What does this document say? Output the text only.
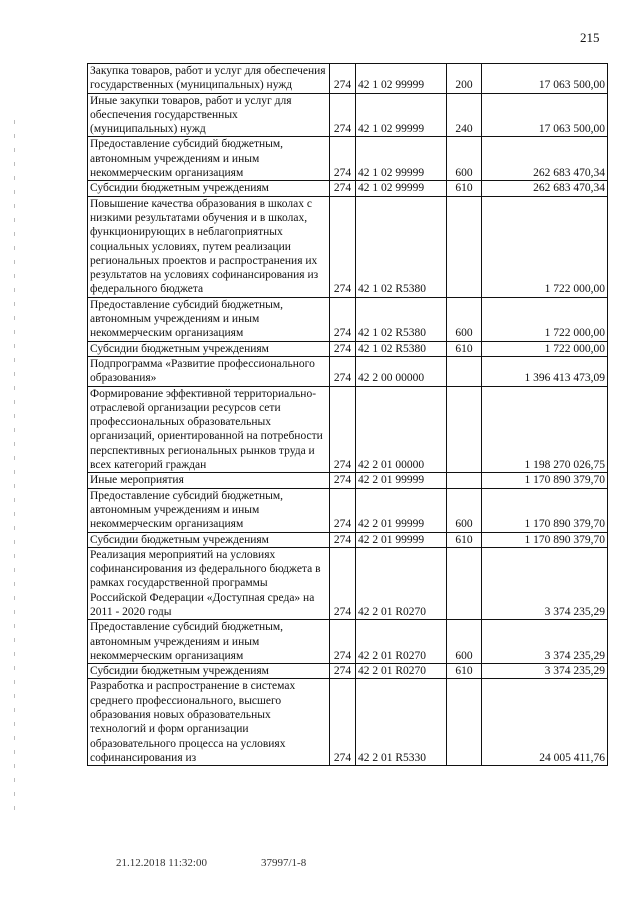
215
Закупка товаров, работ и услуг для обеспечения государственных (муниципальных) нужд	274	42 1 02 99999	200	17 063 500,00
Иные закупки товаров, работ и услуг для обеспечения государственных (муниципальных) нужд	274	42 1 02 99999	240	17 063 500,00
Предоставление субсидий бюджетным, автономным учреждениям и иным некоммерческим организациям	274	42 1 02 99999	600	262 683 470,34
Субсидии бюджетным учреждениям	274	42 1 02 99999	610	262 683 470,34
Повышение качества образования в школах с низкими результатами обучения и в школах, функционирующих в неблагоприятных социальных условиях, путем реализации региональных проектов и распространения их результатов на условиях софинансирования из федерального бюджета	274	42 1 02 R5380		1 722 000,00
Предоставление субсидий бюджетным, автономным учреждениям и иным некоммерческим организациям	274	42 1 02 R5380	600	1 722 000,00
Субсидии бюджетным учреждениям	274	42 1 02 R5380	610	1 722 000,00
Подпрограмма «Развитие профессионального образования»	274	42 2 00 00000		1 396 413 473,09
Формирование эффективной территориально-отраслевой организации ресурсов сети профессиональных образовательных организаций, ориентированной на потребности перспективных региональных рынков труда и всех категорий граждан	274	42 2 01 00000		1 198 270 026,75
Иные мероприятия	274	42 2 01 99999		1 170 890 379,70
Предоставление субсидий бюджетным, автономным учреждениям и иным некоммерческим организациям	274	42 2 01 99999	600	1 170 890 379,70
Субсидии бюджетным учреждениям	274	42 2 01 99999	610	1 170 890 379,70
Реализация мероприятий на условиях софинансирования из федерального бюджета в рамках государственной программы Российской Федерации «Доступная среда» на 2011 - 2020 годы	274	42 2 01 R0270		3 374 235,29
Предоставление субсидий бюджетным, автономным учреждениям и иным некоммерческим организациям	274	42 2 01 R0270	600	3 374 235,29
Субсидии бюджетным учреждениям	274	42 2 01 R0270	610	3 374 235,29
Разработка и распространение в системах среднего профессионального, высшего образования новых образовательных технологий и форм организации образовательного процесса на условиях софинансирования из	274	42 2 01 R5330		24 005 411,76
21.12.2018 11:32:00	37997/1-8
